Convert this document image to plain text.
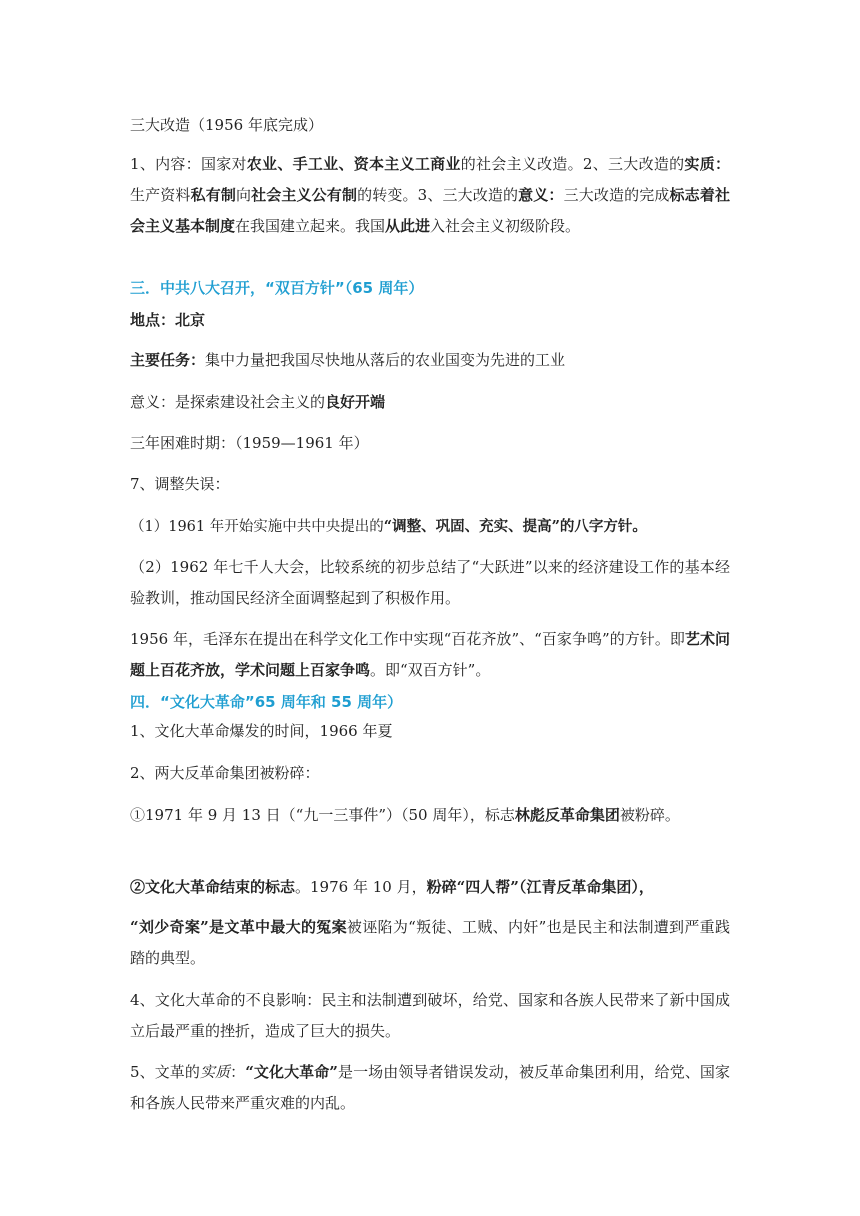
三大改造（1956 年底完成）

1、内容：国家对农业、手工业、资本主义工商业的社会主义改造。2、三大改造的实质：生产资料私有制向社会主义公有制的转变。3、三大改造的意义：三大改造的完成标志着社会主义基本制度在我国建立起来。我国从此进入社会主义初级阶段。

三．中共八大召开，“双百方针”（65 周年）

地点：北京

主要任务：集中力量把我国尽快地从落后的农业国变为先进的工业

意义：是探索建设社会主义的良好开端

三年困难时期：（1959—1961 年）

7、调整失误：

（1）1961 年开始实施中共中央提出的“调整、巩固、充实、提高”的八字方针。

（2）1962 年七千人大会，比较系统的初步总结了“大跃进”以来的经济建设工作的基本经验教训，推动国民经济全面调整起到了积极作用。

1956 年，毛泽东在提出在科学文化工作中实现“百花齐放”、“百家争鸣”的方针。即艺术问题上百花齐放，学术问题上百家争鸣。即“双百方针”。

四．“文化大革命”65 周年和 55 周年）

1、文化大革命爆发的时间，1966 年夏

2、两大反革命集团被粉碎：

①1971 年 9 月 13 日（“九一三事件”）（50 周年），标志林彪反革命集团被粉碎。

②文化大革命结束的标志。1976 年 10 月，粉碎“四人帮”（江青反革命集团），

“刘少奇案”是文革中最大的冤案被诬陷为“叛徒、工贼、内奸”也是民主和法制遭到严重践踏的典型。

4、文化大革命的不良影响：民主和法制遭到破坏，给党、国家和各族人民带来了新中国成立后最严重的挫折，造成了巨大的损失。

5、文革的实质：“文化大革命”是一场由领导者错误发动，被反革命集团利用，给党、国家和各族人民带来严重灾难的内乱。
